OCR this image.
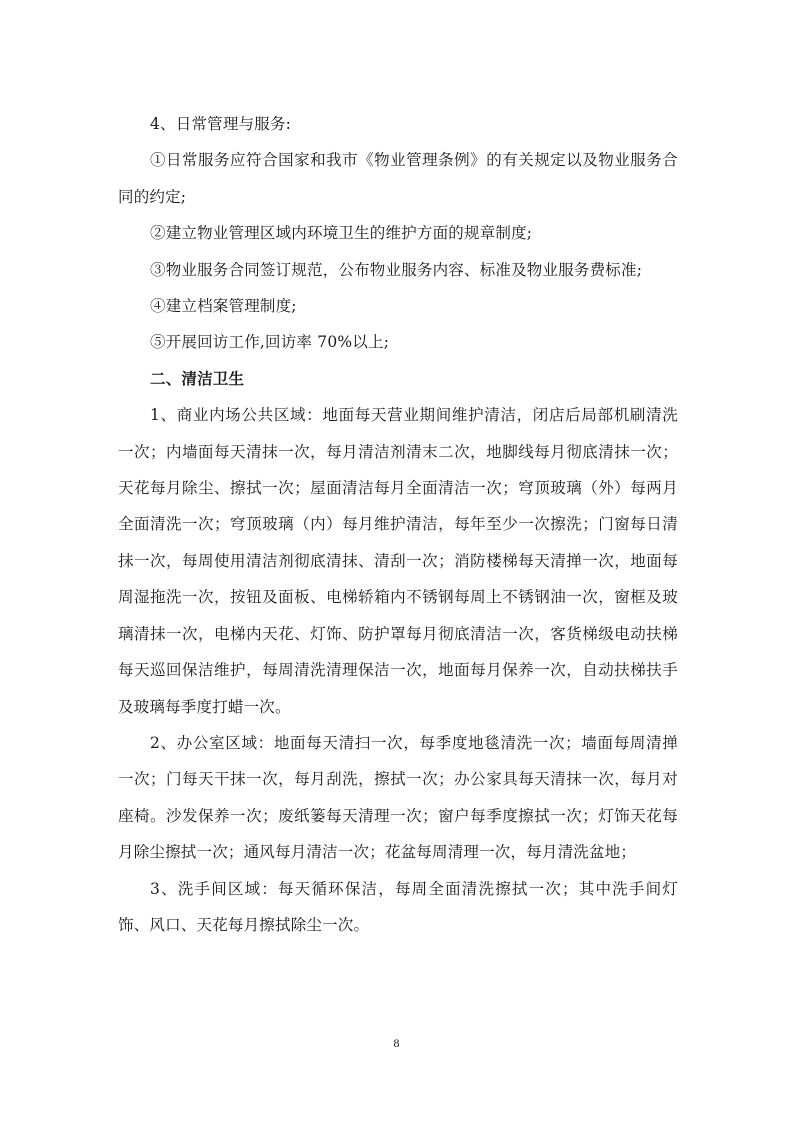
4、日常管理与服务:

①日常服务应符合国家和我市《物业管理条例》的有关规定以及物业服务合同的约定;

②建立物业管理区域内环境卫生的维护方面的规章制度;

③物业服务合同签订规范，公布物业服务内容、标准及物业服务费标准;

④建立档案管理制度;

⑤开展回访工作,回访率 70%以上;

二、清洁卫生

1、商业内场公共区域：地面每天营业期间维护清洁，闭店后局部机刷清洗一次；内墙面每天清抹一次，每月清洁剂清末二次，地脚线每月彻底清抹一次；天花每月除尘、擦拭一次；屋面清洁每月全面清洁一次；穹顶玻璃（外）每两月全面清洗一次；穹顶玻璃（内）每月维护清洁，每年至少一次擦洗；门窗每日清抹一次，每周使用清洁剂彻底清抹、清刮一次；消防楼梯每天清掸一次，地面每周湿拖洗一次，按钮及面板、电梯轿箱内不锈钢每周上不锈钢油一次，窗框及玻璃清抹一次，电梯内天花、灯饰、防护罩每月彻底清洁一次，客货梯级电动扶梯每天巡回保洁维护，每周清洗清理保洁一次，地面每月保养一次，自动扶梯扶手及玻璃每季度打蜡一次。

2、办公室区域：地面每天清扫一次，每季度地毯清洗一次；墙面每周清掸一次；门每天干抹一次，每月刮洗，擦拭一次；办公家具每天清抹一次，每月对座椅。沙发保养一次；废纸篓每天清理一次；窗户每季度擦拭一次；灯饰天花每月除尘擦拭一次；通风每月清洁一次；花盆每周清理一次，每月清洗盆地；

3、洗手间区域：每天循环保洁，每周全面清洗擦拭一次；其中洗手间灯饰、风口、天花每月擦拭除尘一次。

8
